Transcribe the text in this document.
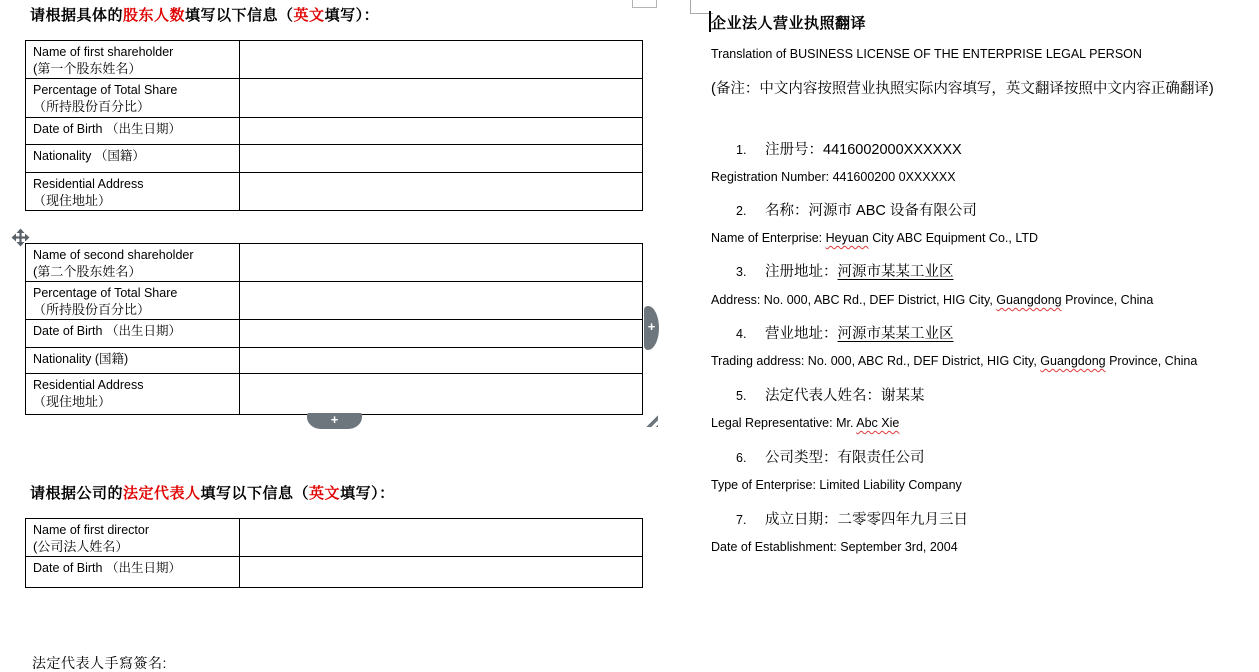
请根据具体的股东人数填写以下信息（英文填写）：
Name of first shareholder
(第一个股东姓名）
Percentage of Total Share
（所持股份百分比）
Date of Birth （出生日期）
Nationality （国籍）
Residential Address
（现住地址）
Name of second shareholder
(第二个股东姓名）
Percentage of Total Share
（所持股份百分比）
Date of Birth （出生日期）
Nationality (国籍)
Residential Address
（现住地址）
+
+
请根据公司的法定代表人填写以下信息（英文填写）：
Name of first director
(公司法人姓名）
Date of Birth （出生日期）
法定代表人手寫簽名:
企业法人营业执照翻译
Translation of BUSINESS LICENSE OF THE ENTERPRISE LEGAL PERSON
(备注：中文内容按照营业执照实际内容填写，英文翻译按照中文内容正确翻译)
1. 注册号：4416002000XXXXXX
Registration Number: 441600200 0XXXXXX
2. 名称：河源市 ABC 设备有限公司
Name of Enterprise: Heyuan City ABC Equipment Co., LTD
3. 注册地址：河源市某某工业区
Address: No. 000, ABC Rd., DEF District, HIG City, Guangdong Province, China
4. 营业地址：河源市某某工业区
Trading address: No. 000, ABC Rd., DEF District, HIG City, Guangdong Province, China
5. 法定代表人姓名：谢某某
Legal Representative: Mr. Abc Xie
6. 公司类型：有限责任公司
Type of Enterprise: Limited Liability Company
7. 成立日期：二零零四年九月三日
Date of Establishment: September 3rd, 2004
